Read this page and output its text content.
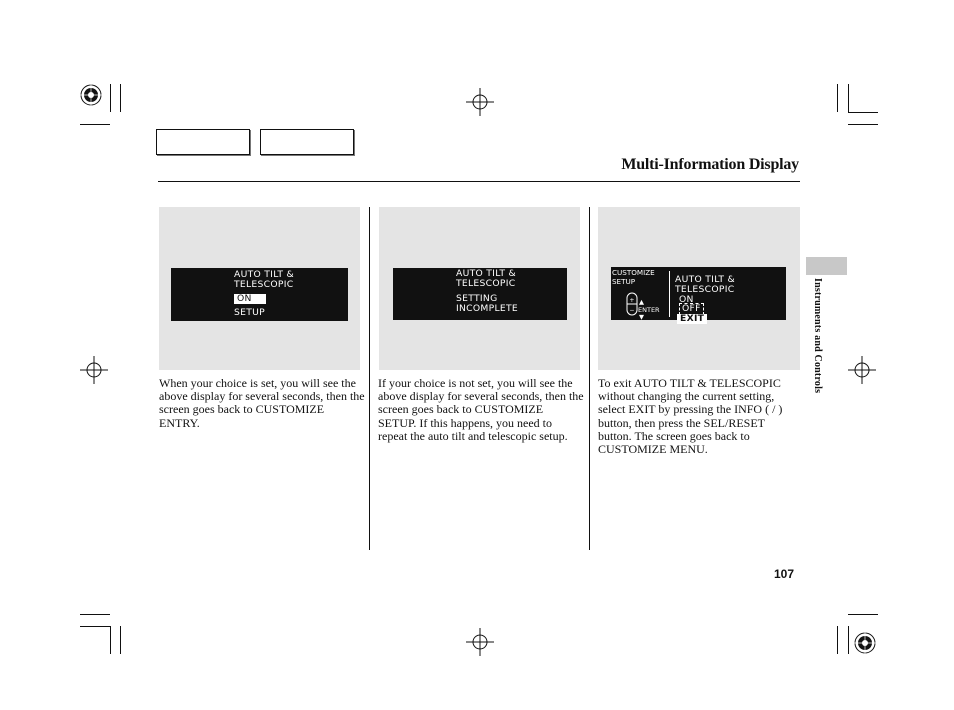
Multi-Information Display
AUTO TILT &
TELESCOPIC
ON
SETUP
AUTO TILT &
TELESCOPIC
SETTING
INCOMPLETE
CUSTOMIZE
SETUP
+
−
▲
ENTER
▼
AUTO TILT &
TELESCOPIC
ON
OFF
EXIT
When your choice is set, you will see the above display for several seconds, then the screen goes back to CUSTOMIZE ENTRY.
If your choice is not set, you will see the above display for several seconds, then the screen goes back to CUSTOMIZE SETUP. If this happens, you need to repeat the auto tilt and telescopic setup.
To exit AUTO TILT & TELESCOPIC without changing the current setting, select EXIT by pressing the INFO ( / ) button, then press the SEL/RESET button. The screen goes back to CUSTOMIZE MENU.
Instruments and Controls
107
